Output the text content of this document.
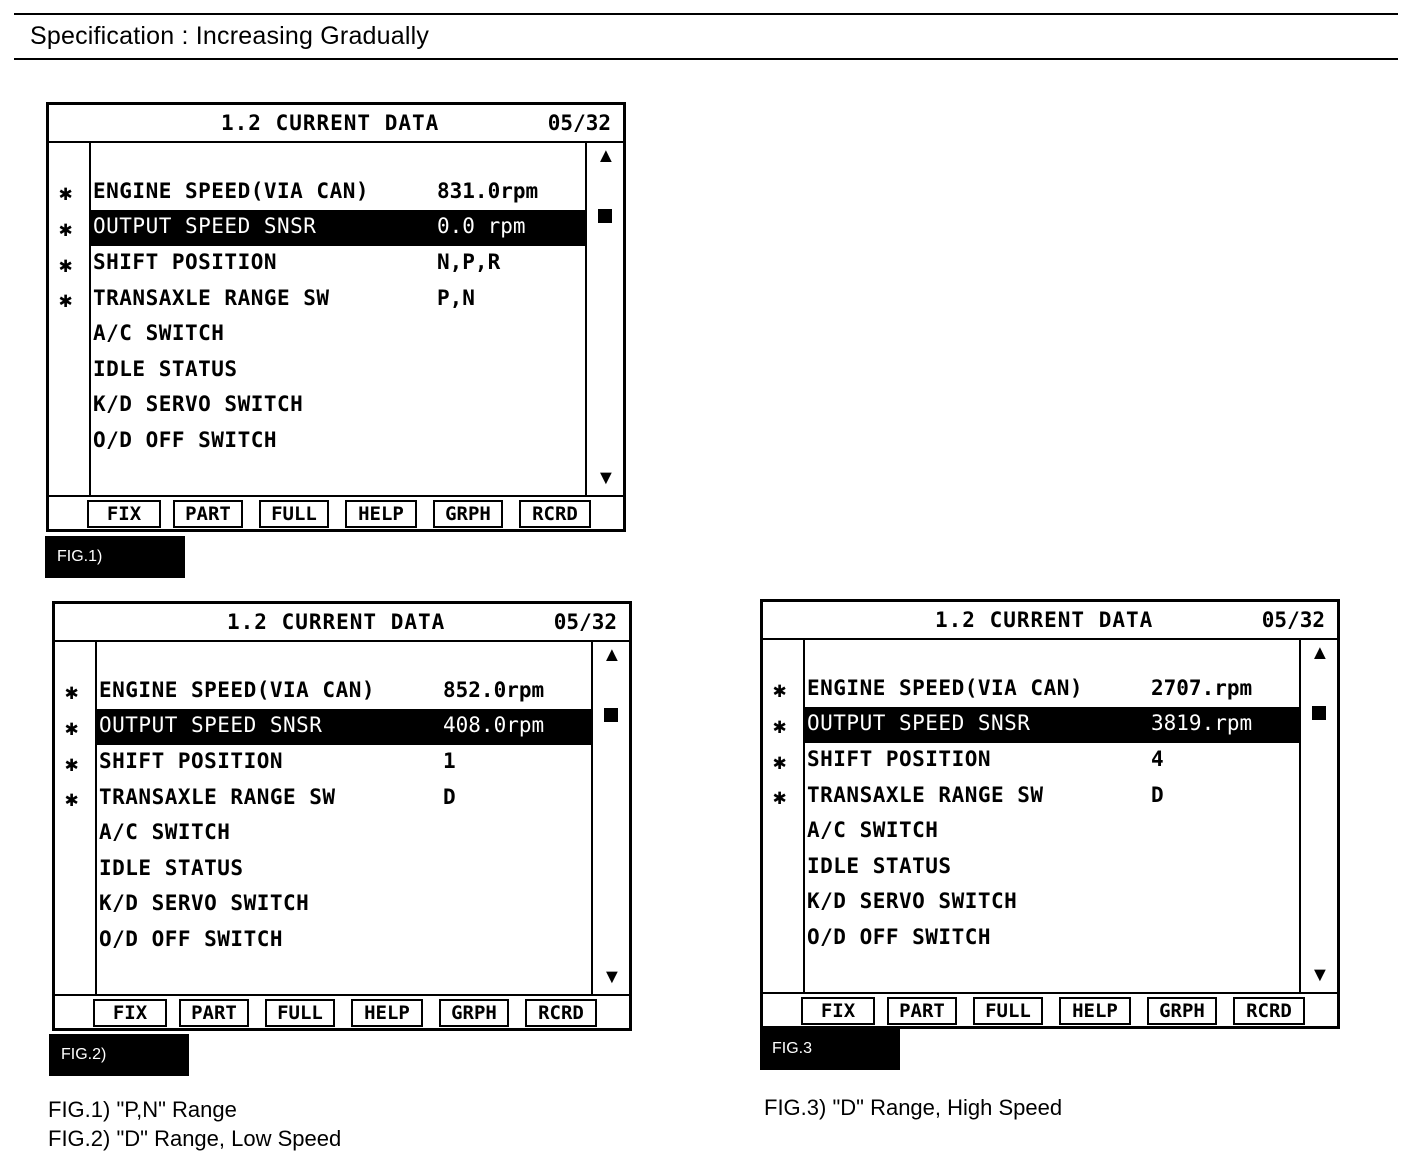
Specification : Increasing Gradually
1.2 CURRENT DATA	05/32
✱
✱
✱
✱
ENGINE SPEED(VIA CAN)	831.0rpm
OUTPUT SPEED SNSR	0.0 rpm
SHIFT POSITION	N,P,R
TRANSAXLE RANGE SW	P,N
A/C SWITCH
IDLE STATUS
K/D SERVO SWITCH
O/D OFF SWITCH
▲
▼
FIX	PART	FULL	HELP	GRPH	RCRD
FIG.1)
1.2 CURRENT DATA	05/32
✱
✱
✱
✱
ENGINE SPEED(VIA CAN)	852.0rpm
OUTPUT SPEED SNSR	408.0rpm
SHIFT POSITION	1
TRANSAXLE RANGE SW	D
A/C SWITCH
IDLE STATUS
K/D SERVO SWITCH
O/D OFF SWITCH
▲
▼
FIX	PART	FULL	HELP	GRPH	RCRD
FIG.2)
1.2 CURRENT DATA	05/32
✱
✱
✱
✱
ENGINE SPEED(VIA CAN)	2707.rpm
OUTPUT SPEED SNSR	3819.rpm
SHIFT POSITION	4
TRANSAXLE RANGE SW	D
A/C SWITCH
IDLE STATUS
K/D SERVO SWITCH
O/D OFF SWITCH
▲
▼
FIX	PART	FULL	HELP	GRPH	RCRD
FIG.3
FIG.1) "P,N" Range
FIG.2) "D" Range, Low Speed
FIG.3) "D" Range, High Speed
